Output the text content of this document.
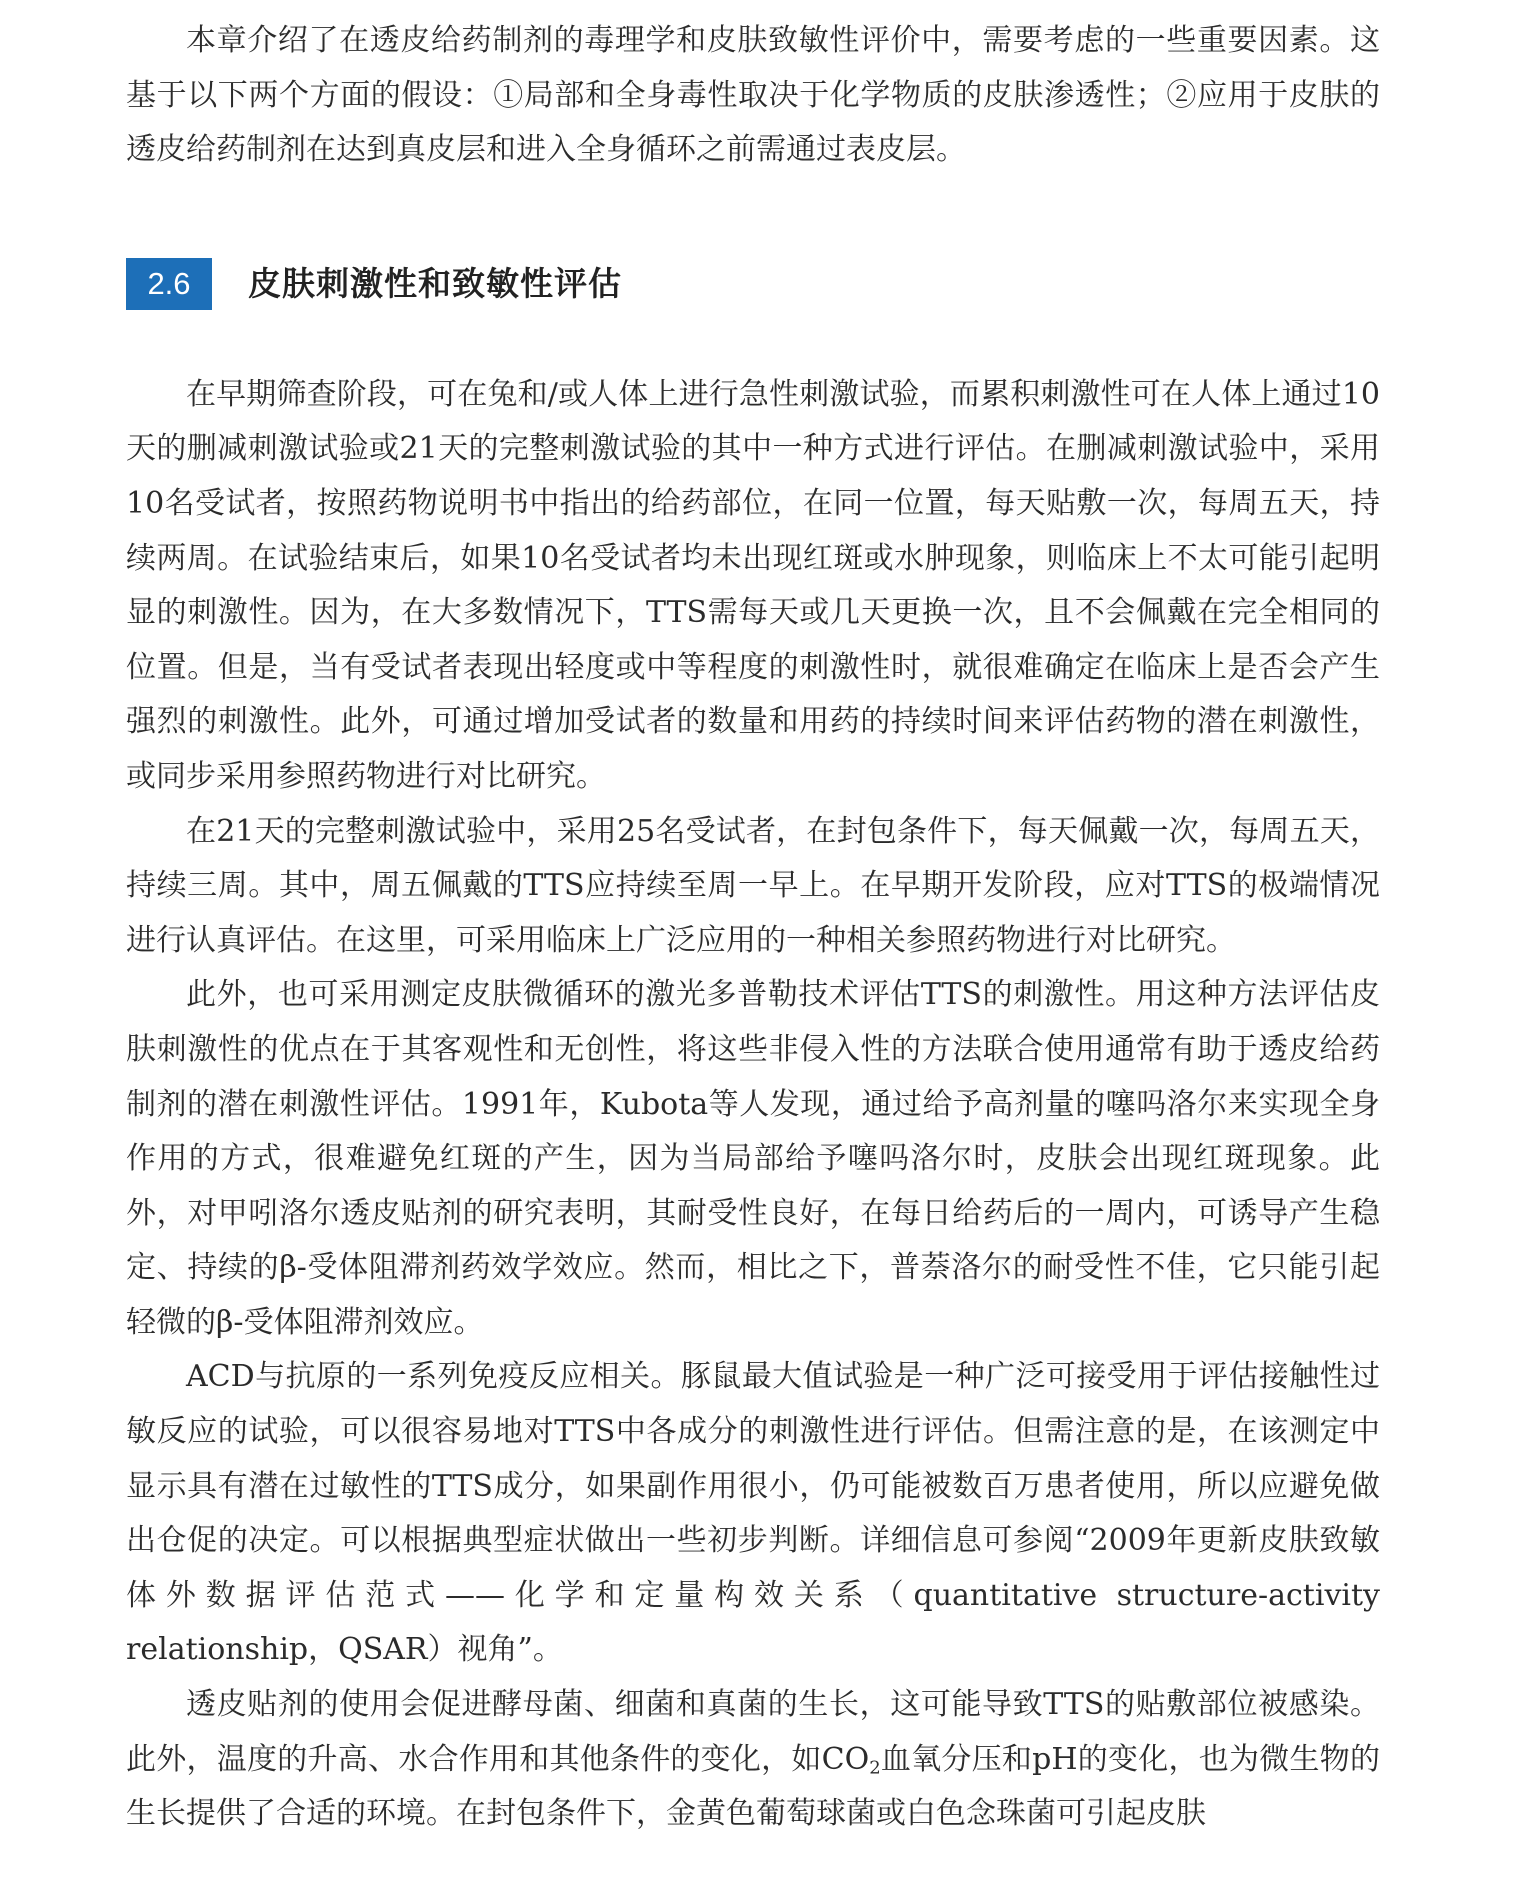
本章介绍了在透皮给药制剂的毒理学和皮肤致敏性评价中，需要考虑的一些重要因素。这基于以下两个方面的假设：①局部和全身毒性取决于化学物质的皮肤渗透性；②应用于皮肤的透皮给药制剂在达到真皮层和进入全身循环之前需通过表皮层。

2.6	皮肤刺激性和致敏性评估

在早期筛查阶段，可在兔和/或人体上进行急性刺激试验，而累积刺激性可在人体上通过10天的删减刺激试验或21天的完整刺激试验的其中一种方式进行评估。在删减刺激试验中，采用10名受试者，按照药物说明书中指出的给药部位，在同一位置，每天贴敷一次，每周五天，持续两周。在试验结束后，如果10名受试者均未出现红斑或水肿现象，则临床上不太可能引起明显的刺激性。因为，在大多数情况下，TTS需每天或几天更换一次，且不会佩戴在完全相同的位置。但是，当有受试者表现出轻度或中等程度的刺激性时，就很难确定在临床上是否会产生强烈的刺激性。此外，可通过增加受试者的数量和用药的持续时间来评估药物的潜在刺激性，或同步采用参照药物进行对比研究。

在21天的完整刺激试验中，采用25名受试者，在封包条件下，每天佩戴一次，每周五天，持续三周。其中，周五佩戴的TTS应持续至周一早上。在早期开发阶段，应对TTS的极端情况进行认真评估。在这里，可采用临床上广泛应用的一种相关参照药物进行对比研究。

此外，也可采用测定皮肤微循环的激光多普勒技术评估TTS的刺激性。用这种方法评估皮肤刺激性的优点在于其客观性和无创性，将这些非侵入性的方法联合使用通常有助于透皮给药制剂的潜在刺激性评估。1991年，Kubota等人发现，通过给予高剂量的噻吗洛尔来实现全身作用的方式，很难避免红斑的产生，因为当局部给予噻吗洛尔时，皮肤会出现红斑现象。此外，对甲吲洛尔透皮贴剂的研究表明，其耐受性良好，在每日给药后的一周内，可诱导产生稳定、持续的β-受体阻滞剂药效学效应。然而，相比之下，普萘洛尔的耐受性不佳，它只能引起轻微的β-受体阻滞剂效应。

ACD与抗原的一系列免疫反应相关。豚鼠最大值试验是一种广泛可接受用于评估接触性过敏反应的试验，可以很容易地对TTS中各成分的刺激性进行评估。但需注意的是，在该测定中显示具有潜在过敏性的TTS成分，如果副作用很小，仍可能被数百万患者使用，所以应避免做出仓促的决定。可以根据典型症状做出一些初步判断。详细信息可参阅“2009年更新皮肤致敏体外数据评估范式——化学和定量构效关系（quantitative structure-activity relationship，QSAR）视角”。

透皮贴剂的使用会促进酵母菌、细菌和真菌的生长，这可能导致TTS的贴敷部位被感染。此外，温度的升高、水合作用和其他条件的变化，如$CO_2$血氧分压和pH的变化，也为微生物的生长提供了合适的环境。在封包条件下，金黄色葡萄球菌或白色念珠菌可引起皮肤
